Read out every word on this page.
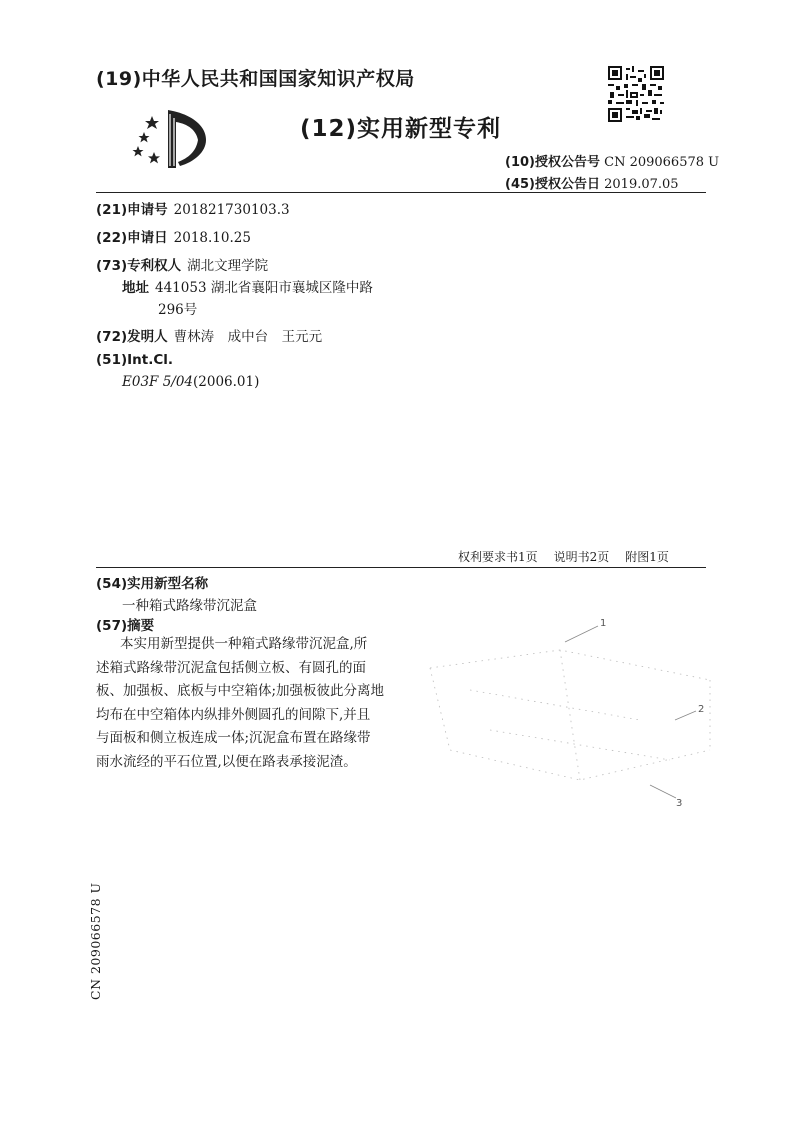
(19)中华人民共和国国家知识产权局
(12)实用新型专利
(10)授权公告号 CN 209066578 U
(45)授权公告日 2019.07.05
(21)申请号 201821730103.3
(22)申请日 2018.10.25
(73)专利权人 湖北文理学院
地址 441053 湖北省襄阳市襄城区隆中路
296号
(72)发明人 曹林涛　成中台　王元元
(51)Int.Cl.
E03F 5/04(2006.01)
权利要求书1页 说明书2页 附图1页
(54)实用新型名称
一种箱式路缘带沉泥盒
(57)摘要
本实用新型提供一种箱式路缘带沉泥盒,所
述箱式路缘带沉泥盒包括侧立板、有圆孔的面
板、加强板、底板与中空箱体;加强板彼此分离地
均布在中空箱体内纵排外侧圆孔的间隙下,并且
与面板和侧立板连成一体;沉泥盒布置在路缘带
雨水流经的平石位置,以便在路表承接泥渣。
1
2
3
CN 209066578 U
